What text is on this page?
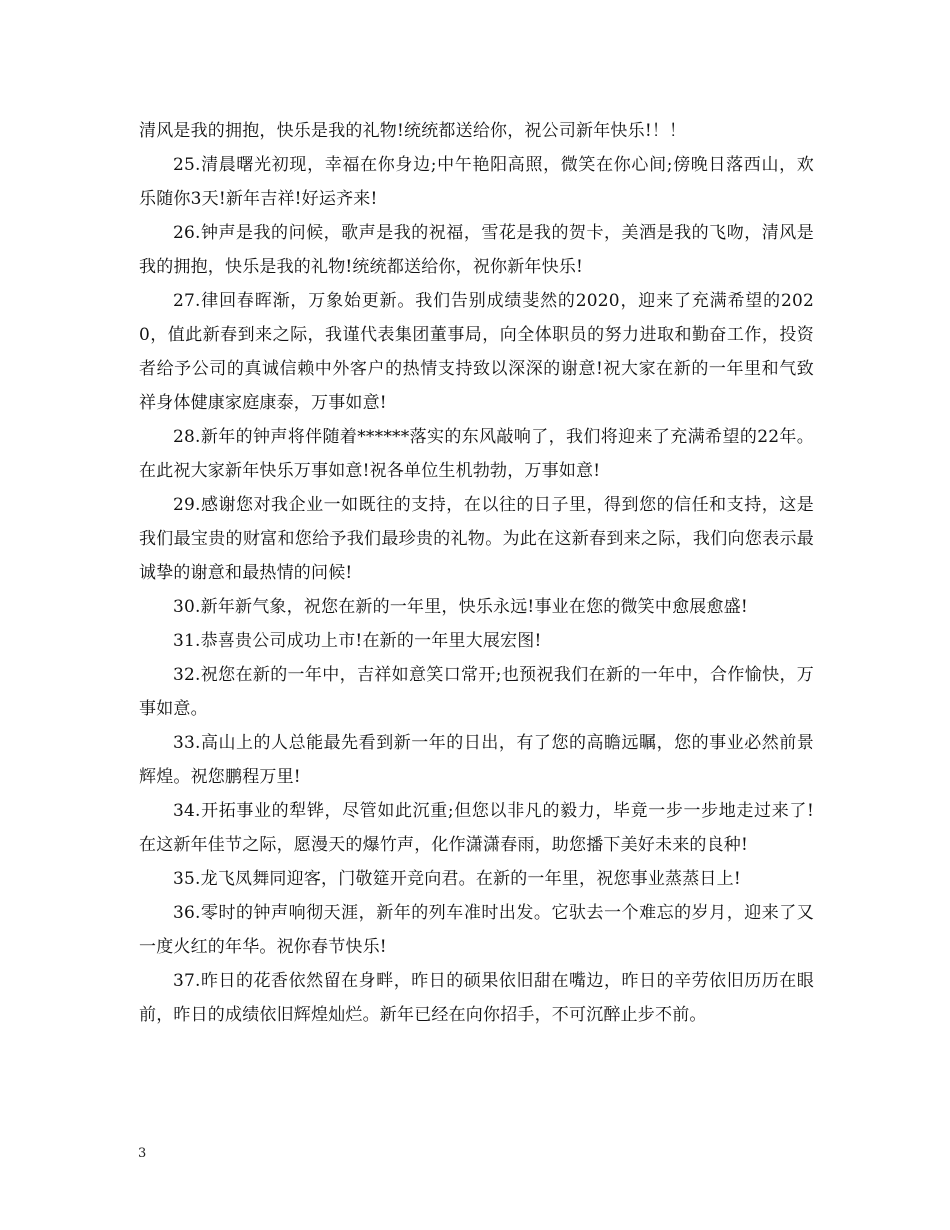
清风是我的拥抱，快乐是我的礼物!统统都送给你，祝公司新年快乐!！！

25.清晨曙光初现，幸福在你身边;中午艳阳高照，微笑在你心间;傍晚日落西山，欢乐随你3天!新年吉祥!好运齐来!

26.钟声是我的问候，歌声是我的祝福，雪花是我的贺卡，美酒是我的飞吻，清风是我的拥抱，快乐是我的礼物!统统都送给你，祝你新年快乐!

27.律回春晖渐，万象始更新。我们告别成绩斐然的2020，迎来了充满希望的2020，值此新春到来之际，我谨代表集团董事局，向全体职员的努力进取和勤奋工作，投资者给予公司的真诚信赖中外客户的热情支持致以深深的谢意!祝大家在新的一年里和气致祥身体健康家庭康泰，万事如意!

28.新年的钟声将伴随着******落实的东风敲响了，我们将迎来了充满希望的22年。在此祝大家新年快乐万事如意!祝各单位生机勃勃，万事如意!

29.感谢您对我企业一如既往的支持，在以往的日子里，得到您的信任和支持，这是我们最宝贵的财富和您给予我们最珍贵的礼物。为此在这新春到来之际，我们向您表示最诚挚的谢意和最热情的问候!

30.新年新气象，祝您在新的一年里，快乐永远!事业在您的微笑中愈展愈盛!

31.恭喜贵公司成功上市!在新的一年里大展宏图!

32.祝您在新的一年中，吉祥如意笑口常开;也预祝我们在新的一年中，合作愉快，万事如意。

33.高山上的人总能最先看到新一年的日出，有了您的高瞻远瞩，您的事业必然前景辉煌。祝您鹏程万里!

34.开拓事业的犁铧，尽管如此沉重;但您以非凡的毅力，毕竟一步一步地走过来了!在这新年佳节之际，愿漫天的爆竹声，化作潇潇春雨，助您播下美好未来的良种!

35.龙飞凤舞同迎客，门敬筵开竞向君。在新的一年里，祝您事业蒸蒸日上!

36.零时的钟声响彻天涯，新年的列车准时出发。它驮去一个难忘的岁月，迎来了又一度火红的年华。祝你春节快乐!

37.昨日的花香依然留在身畔，昨日的硕果依旧甜在嘴边，昨日的辛劳依旧历历在眼前，昨日的成绩依旧辉煌灿烂。新年已经在向你招手，不可沉醉止步不前。

3
